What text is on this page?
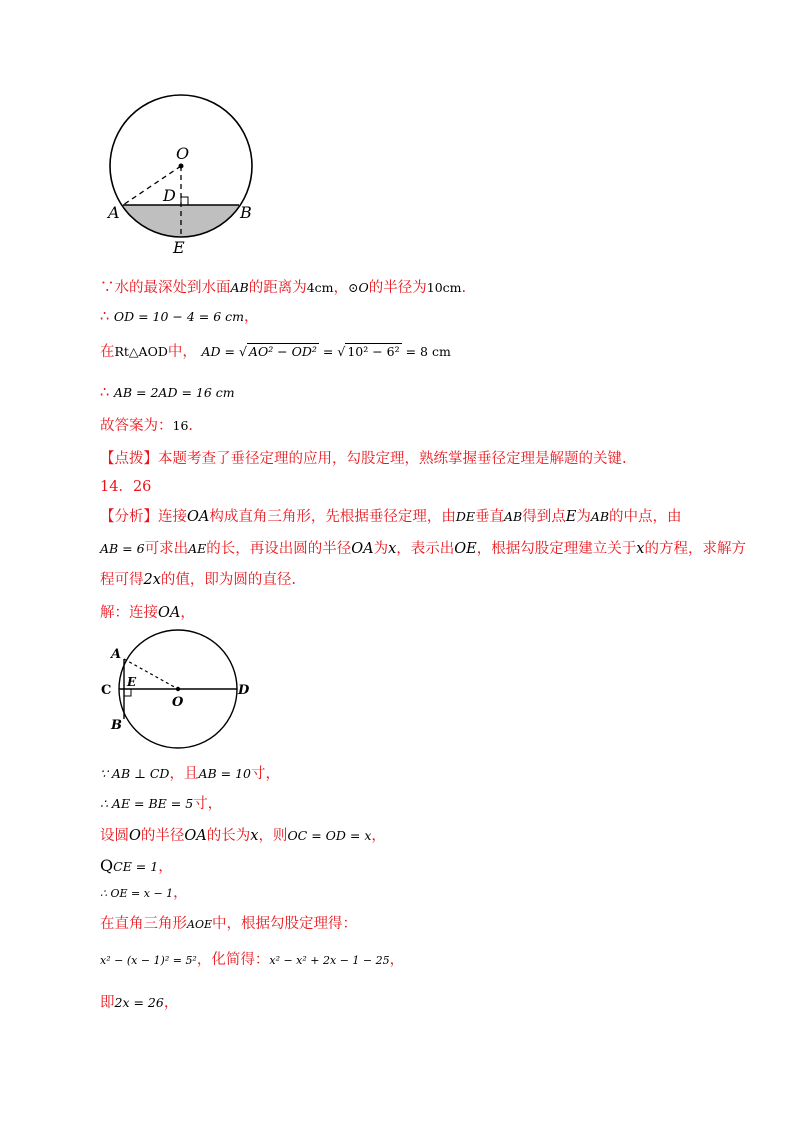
O
D
A	B
E
∵水的最深处到水面AB的距离为4cm，⊙O的半径为10cm.
∴ OD = 10 − 4 = 6 cm，
在Rt△AOD中， AD = √ AO² − OD² = √ 10² − 6² = 8 cm
∴ AB = 2AD = 16 cm
故答案为：16.
【点拨】本题考查了垂径定理的应用，勾股定理，熟练掌握垂径定理是解题的关键.
14．26
【分析】连接OA构成直角三角形，先根据垂径定理，由DE垂直AB得到点E为AB的中点，由
AB = 6可求出AE的长，再设出圆的半径OA为x，表示出OE，根据勾股定理建立关于x的方程，求解方
程可得2x的值，即为圆的直径.
解：连接OA，
A
C
E
O
D
B
∵ AB ⊥ CD，且AB = 10寸，
∴ AE = BE = 5寸，
设圆O的半径OA的长为x，则OC = OD = x，
QCE = 1，
∴ OE = x − 1，
在直角三角形AOE中，根据勾股定理得：
x² − (x − 1)² = 5²，化简得：x² − x² + 2x − 1 − 25，
即2x = 26，
